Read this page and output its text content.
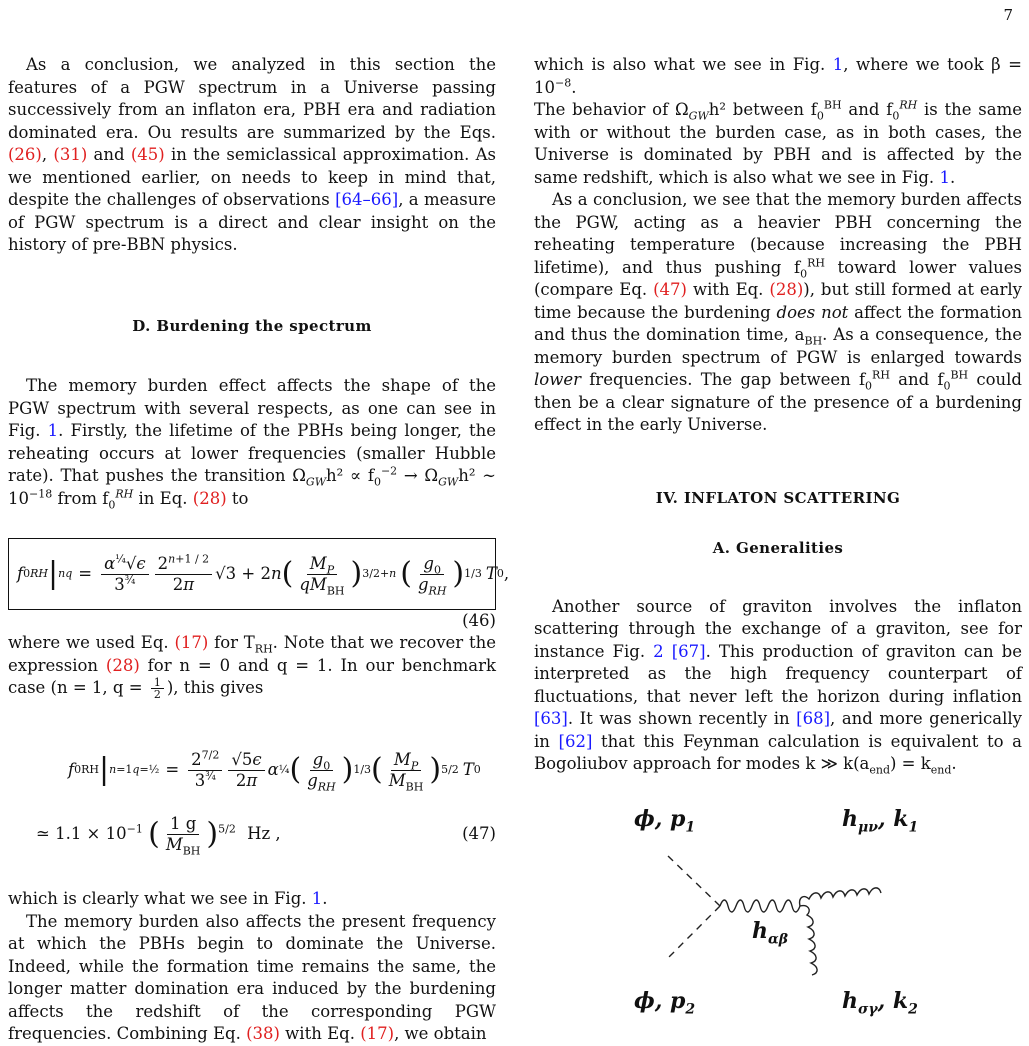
7

As a conclusion, we analyzed in this section the features of a PGW spectrum in a Universe passing successively from an inflaton era, PBH era and radiation dominated era. Ou results are summarized by the Eqs. (26), (31) and (45) in the semiclassical approximation. As we mentioned earlier, on needs to keep in mind that, despite the challenges of observations [64–66], a measure of PGW spectrum is a direct and clear insight on the history of pre-BBN physics.

D. Burdening the spectrum

The memory burden effect affects the shape of the PGW spectrum with several respects, as one can see in Fig. 1. Firstly, the lifetime of the PBHs being longer, the reheating occurs at lower frequencies (smaller Hubble rate). That pushes the transition $\Omega_{GW}h^2 \propto f_0^{-2} \to \Omega_{GW}h^2$ ∼ $10^{-18}$ from $f_0^{RH}$ in Eq. (28) to

f 0 RH | n $q = \frac{\alpha^{\frac{1}{4}}√\epsilon}{3^{\frac{3}{4}}} \frac{2^{n+1 / 2}}{2\pi} √3 + 2n$ ( $\frac{M_P}{qM_{BH}}$ ) 3/2+n ( $\frac{g_0}{g_{RH}}$ ) 1/3 T 0 ,
(46)

where we used Eq. (17) for $T_{RH}$. Note that we recover the expression (28) for n = 0 and q = 1. In our benchmark case (n = 1, $q = \frac{1}{2}$ ), this gives

f 0 RH | n=1 q=½ = $\frac{2^{7/2}}{3^{\frac{3}{4}}} \frac{√5\epsilon}{2\pi}$ α ¼ ( $\frac{g_0}{g_{RH}}$ ) 1/3 ( $\frac{M_P}{M_{BH}}$ ) 5/2 T 0
≃ $1.1 \times 10^{-1}$ ( $\frac{1 g}{M_{BH}} )^{5/2}$ Hz ,	(47)

which is clearly what we see in Fig. 1.

The memory burden also affects the present frequency at which the PBHs begin to dominate the Universe. Indeed, while the formation time remains the same, the longer matter domination era induced by the burdening affects the redshift of the corresponding PGW frequencies. Combining Eq. (38) with Eq. (17), we obtain

which is also what we see in Fig. 1, where we took $\beta = 10^{-8}$.

The behavior of $\Omega_{GW}h^2$ between $f_0^{BH}$ and $f_0^{RH}$ is the same with or without the burden case, as in both cases, the Universe is dominated by PBH and is affected by the same redshift, which is also what we see in Fig. 1.

As a conclusion, we see that the memory burden affects the PGW, acting as a heavier PBH concerning the reheating temperature (because increasing the PBH lifetime), and thus pushing $f_0^{RH}$ toward lower values (compare Eq. (47) with Eq. (28)), but still formed at early time because the burdening does not affect the formation and thus the domination time, $a_{BH}$. As a consequence, the memory burden spectrum of PGW is enlarged towards lower frequencies. The gap between $f_0^{RH}$ and $f_0^{BH}$ could then be a clear signature of the presence of a burdening effect in the early Universe.

IV. INFLATON SCATTERING

A. Generalities

Another source of graviton involves the inflaton scattering through the exchange of a graviton, see for instance Fig. 2 [67]. This production of graviton can be interpreted as the high frequency counterpart of fluctuations, that never left the horizon during inflation [63]. It was shown recently in [68], and more generically in [62] that this Feynman calculation is equivalent to a Bogoliubov approach for modes k ≫ $k(a_{end}) = k_{end}$.

ϕ, $p_1$
ϕ, $p_2$
$h_{\mu\nu}$, $k_1$
$h_{\sigma\gamma}$, $k_2$
$h_{\alpha\beta}$
